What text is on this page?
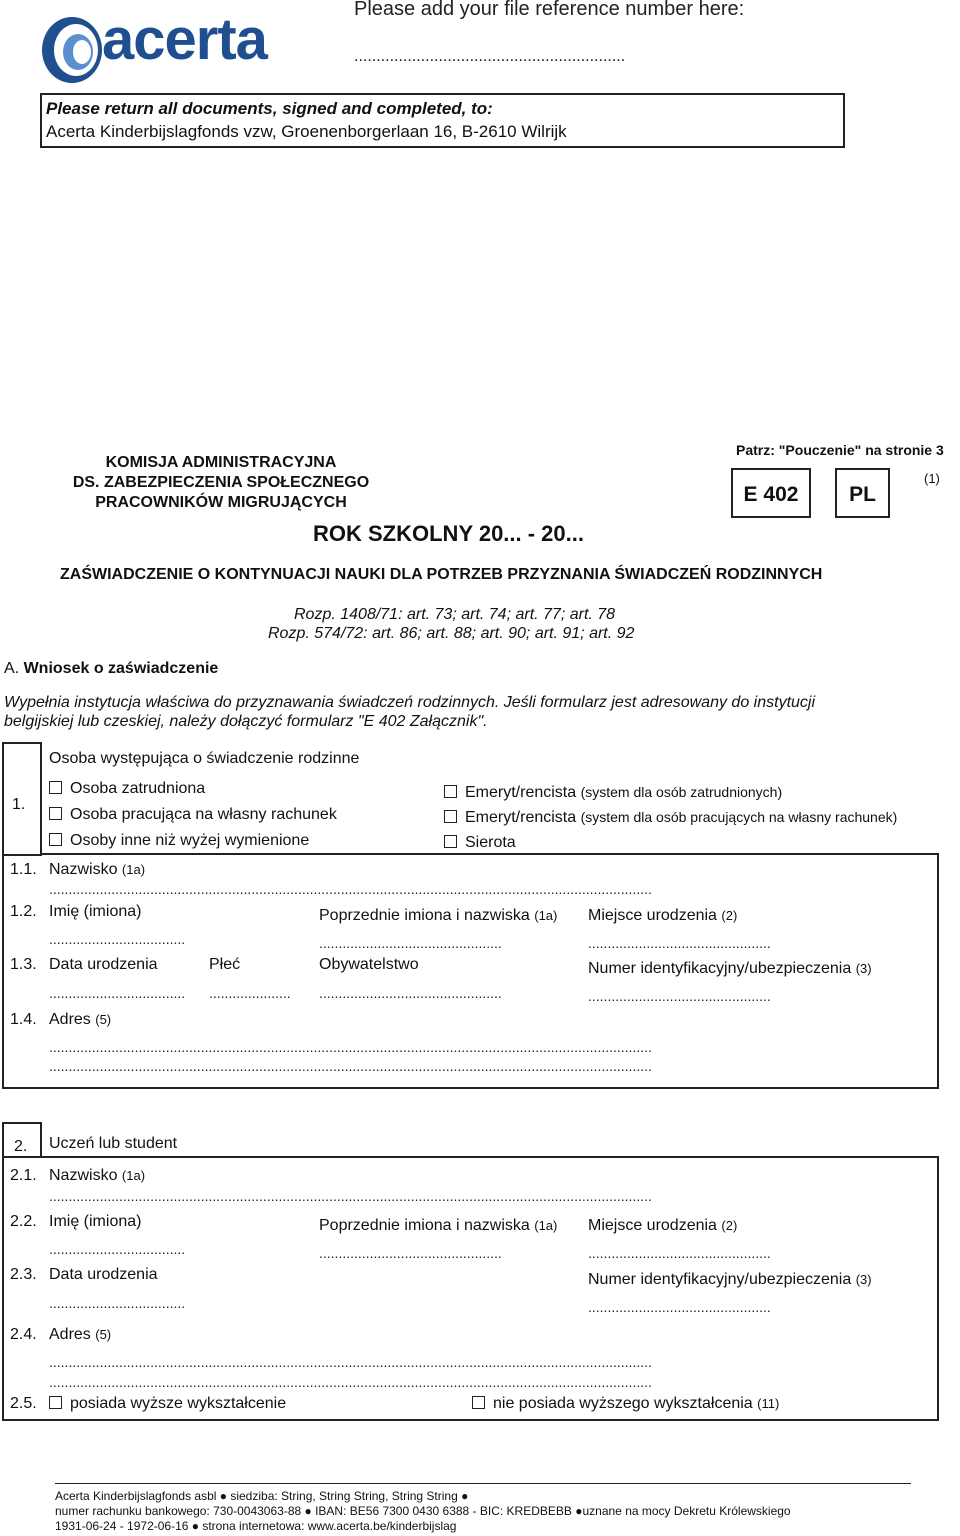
acerta	Please add your file reference number here:
.............................................................
Please return all documents, signed and completed, to:
Acerta Kinderbijslagfonds vzw, Groenenborgerlaan 16, B-2610 Wilrijk
KOMISJA ADMINISTRACYJNA
DS. ZABEZPIECZENIA SPOŁECZNEGO
PRACOWNIKÓW MIGRUJĄCYCH
Patrz: "Pouczenie" na stronie 3
E 402	PL
(1)
ROK SZKOLNY 20... - 20...
ZAŚWIADCZENIE O KONTYNUACJI NAUKI DLA POTRZEB PRZYZNANIA ŚWIADCZEŃ RODZINNYCH
Rozp. 1408/71: art. 73; art. 74; art. 77; art. 78
Rozp. 574/72: art. 86; art. 88; art. 90; art. 91; art. 92
A. Wniosek o zaświadczenie
Wypełnia instytucja właściwa do przyznawania świadczeń rodzinnych. Jeśli formularz jest adresowany do instytucji
belgijskiej lub czeskiej, należy dołączyć formularz "E 402 Załącznik".
1.
Osoba występująca o świadczenie rodzinne
Osoba zatrudniona
Osoba pracująca na własny rachunek
Osoby inne niż wyżej wymienione
Emeryt/rencista (system dla osób zatrudnionych)
Emeryt/rencista (system dla osób pracujących na własny rachunek)
Sierota
1.1. Nazwisko (1a)
...........................................................................................................................................................
1.2. Imię (imiona)
...................................
Poprzednie imiona i nazwiska (1a)
...............................................
Miejsce urodzenia (2)
...............................................
1.3. Data urodzenia	Płeć
................................... .....................
Obywatelstwo
...............................................
Numer identyfikacyjny/ubezpieczenia (3)
...............................................
1.4. Adres (5)
...........................................................................................................................................................
...........................................................................................................................................................
2. Uczeń lub student
2.1. Nazwisko (1a)
...........................................................................................................................................................
2.2. Imię (imiona)
...................................
Poprzednie imiona i nazwiska (1a)
...............................................
Miejsce urodzenia (2)
...............................................
2.3. Data urodzenia
...................................
Numer identyfikacyjny/ubezpieczenia (3)
...............................................
2.4. Adres (5)
...........................................................................................................................................................
...........................................................................................................................................................
2.5.	posiada wyższe wykształcenie	nie posiada wyższego wykształcenia (11)
Acerta Kinderbijslagfonds asbl ● siedziba: String, String String, String String ●
numer rachunku bankowego: 730-0043063-88 ● IBAN: BE56 7300 0430 6388 - BIC: KREDBEBB ●uznane na mocy Dekretu Królewskiego
1931-06-24 - 1972-06-16 ● strona internetowa: www.acerta.be/kinderbijslag
